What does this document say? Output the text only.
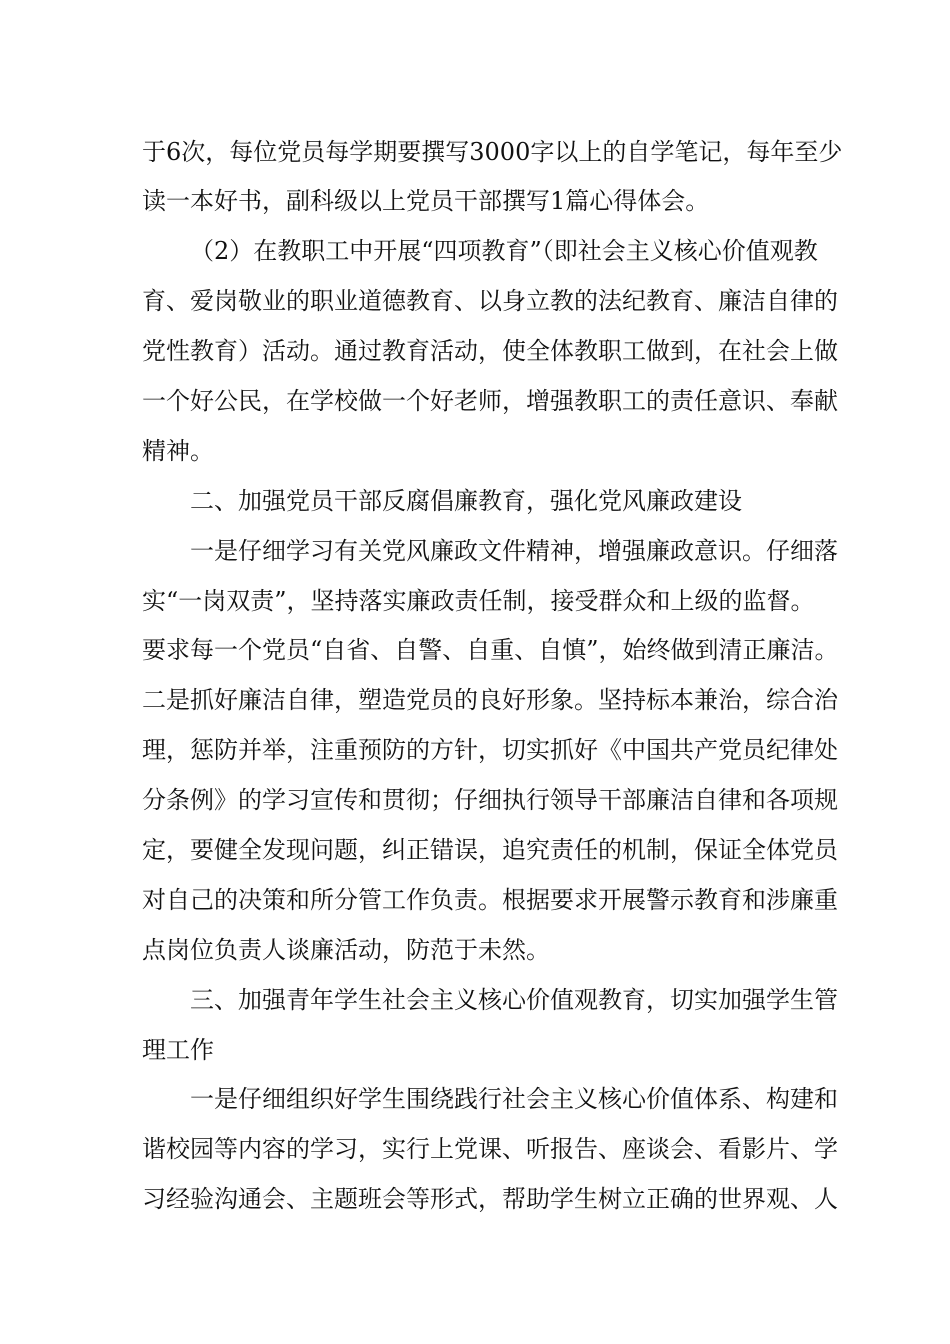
于6次，每位党员每学期要撰写3000字以上的自学笔记，每年至少
读一本好书，副科级以上党员干部撰写1篇心得体会。
（2）在教职工中开展“四项教育”（即社会主义核心价值观教
育、爱岗敬业的职业道德教育、以身立教的法纪教育、廉洁自律的
党性教育）活动。通过教育活动，使全体教职工做到，在社会上做
一个好公民，在学校做一个好老师，增强教职工的责任意识、奉献
精神。
二、加强党员干部反腐倡廉教育，强化党风廉政建设
一是仔细学习有关党风廉政文件精神，增强廉政意识。仔细落
实“一岗双责”，坚持落实廉政责任制，接受群众和上级的监督。
要求每一个党员“自省、自警、自重、自慎”，始终做到清正廉洁。
二是抓好廉洁自律，塑造党员的良好形象。坚持标本兼治，综合治
理，惩防并举，注重预防的方针，切实抓好《中国共产党员纪律处
分条例》的学习宣传和贯彻；仔细执行领导干部廉洁自律和各项规
定，要健全发现问题，纠正错误，追究责任的机制，保证全体党员
对自己的决策和所分管工作负责。根据要求开展警示教育和涉廉重
点岗位负责人谈廉活动，防范于未然。
三、加强青年学生社会主义核心价值观教育，切实加强学生管
理工作
一是仔细组织好学生围绕践行社会主义核心价值体系、构建和
谐校园等内容的学习，实行上党课、听报告、座谈会、看影片、学
习经验沟通会、主题班会等形式，帮助学生树立正确的世界观、人
